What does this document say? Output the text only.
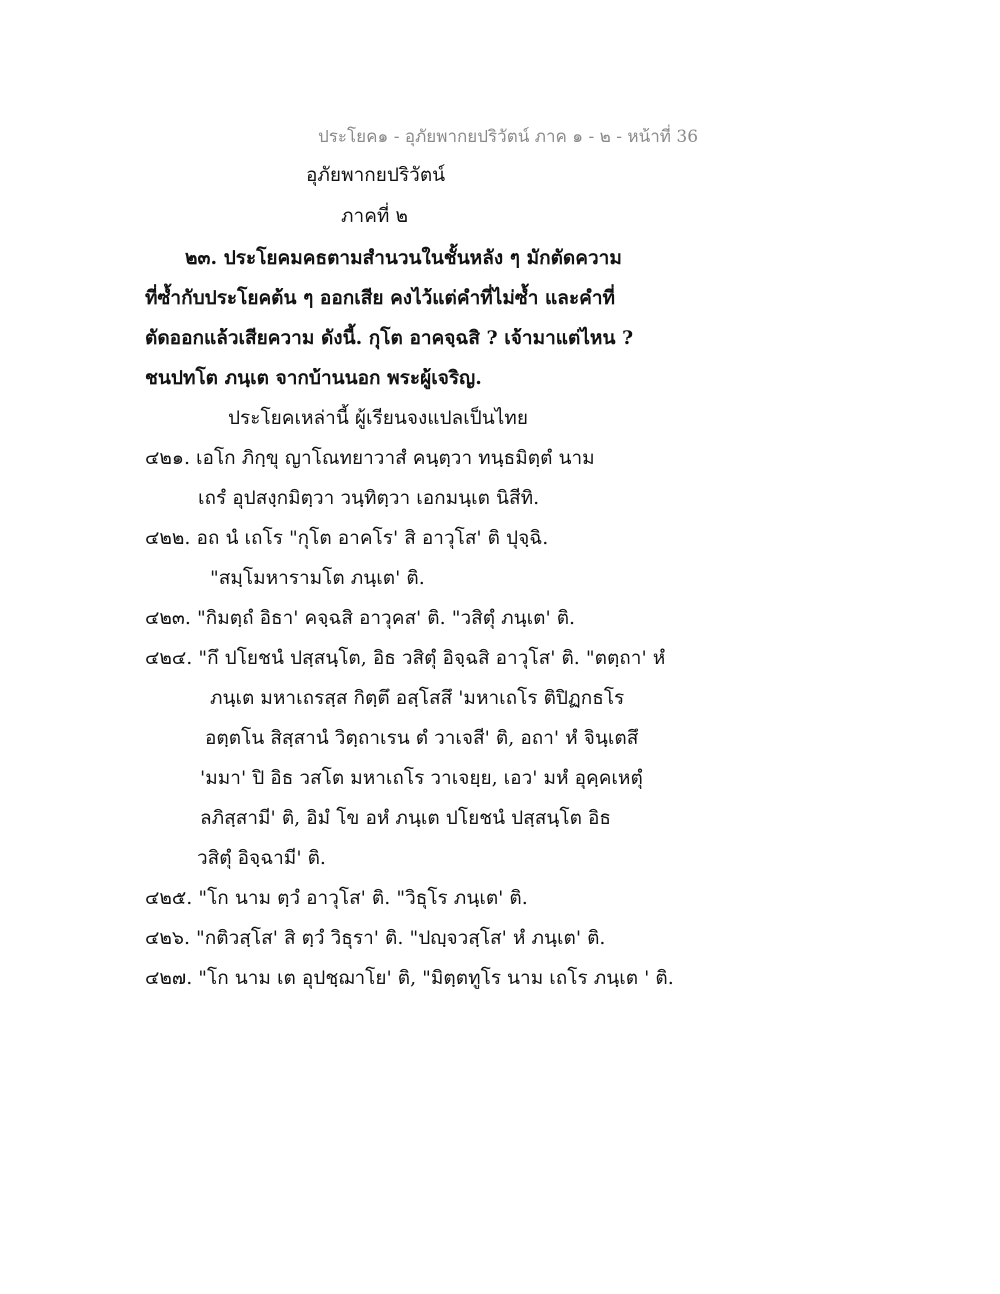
ประโยค๑ - อุภัยพากยปริวัตน์ ภาค ๑ - ๒ - หน้าที่ 36
อุภัยพากยปริวัตน์
ภาคที่ ๒
๒๓. ประโยคมคธตามสำนวนในชั้นหลัง ๆ มักตัดความ
ที่ซ้ำกับประโยคต้น ๆ ออกเสีย คงไว้แต่คำที่ไม่ซ้ำ และคำที่
ตัดออกแล้วเสียความ ดังนี้. กุโต อาคจฺฉสิ ? เจ้ามาแต่ไหน ?
ชนปทโต ภนฺเต จากบ้านนอก พระผู้เจริญ.
ประโยคเหล่านี้ ผู้เรียนจงแปลเป็นไทย
๔๒๑. เอโก ภิกฺขุ ญาโณทยาวาสํ คนฺตฺวา ทนฺธมิตฺตํ นาม
เถรํ อุปสงฺกมิตฺวา วนฺทิตฺวา เอกมนฺเต นิสีทิ.
๔๒๒. อถ นํ เถโร "กุโต อาคโร' สิ อาวุโส' ติ ปุจฺฉิ.
"สมฺโมหารามโต ภนฺเต' ติ.
๔๒๓. "กิมตฺถํ อิธา' คจฺฉสิ อาวุคส' ติ. "วสิตุํ ภนฺเต' ติ.
๔๒๔. "กึ ปโยชนํ ปสฺสนฺโต, อิธ วสิตุํ อิจฺฉสิ อาวุโส' ติ. "ตตฺถา' หํ
ภนฺเต มหาเถรสฺส กิตฺตึ อสฺโสสึ 'มหาเถโร ติปิฏกธโร
อตฺตโน สิสฺสานํ วิตฺถาเรน ตํ วาเจสี' ติ, อถา' หํ จินฺเตสึ
'มมา' ปิ อิธ วสโต มหาเถโร วาเจยฺย, เอว' มหํ อุคฺคเหตุํ
ลภิสฺสามี' ติ, อิมํ โข อหํ ภนฺเต ปโยชนํ ปสฺสนฺโต อิธ
วสิตุํ อิจฺฉามี' ติ.
๔๒๕. "โก นาม ตฺวํ อาวุโส' ติ. "วิธุโร ภนฺเต' ติ.
๔๒๖. "กติวสฺโส' สิ ตฺวํ วิธุรา' ติ. "ปญฺจวสฺโส' หํ ภนฺเต' ติ.
๔๒๗. "โก นาม เต อุปชฺฌาโย' ติ, "มิตฺตทูโร นาม เถโร ภนฺเต ' ติ.
